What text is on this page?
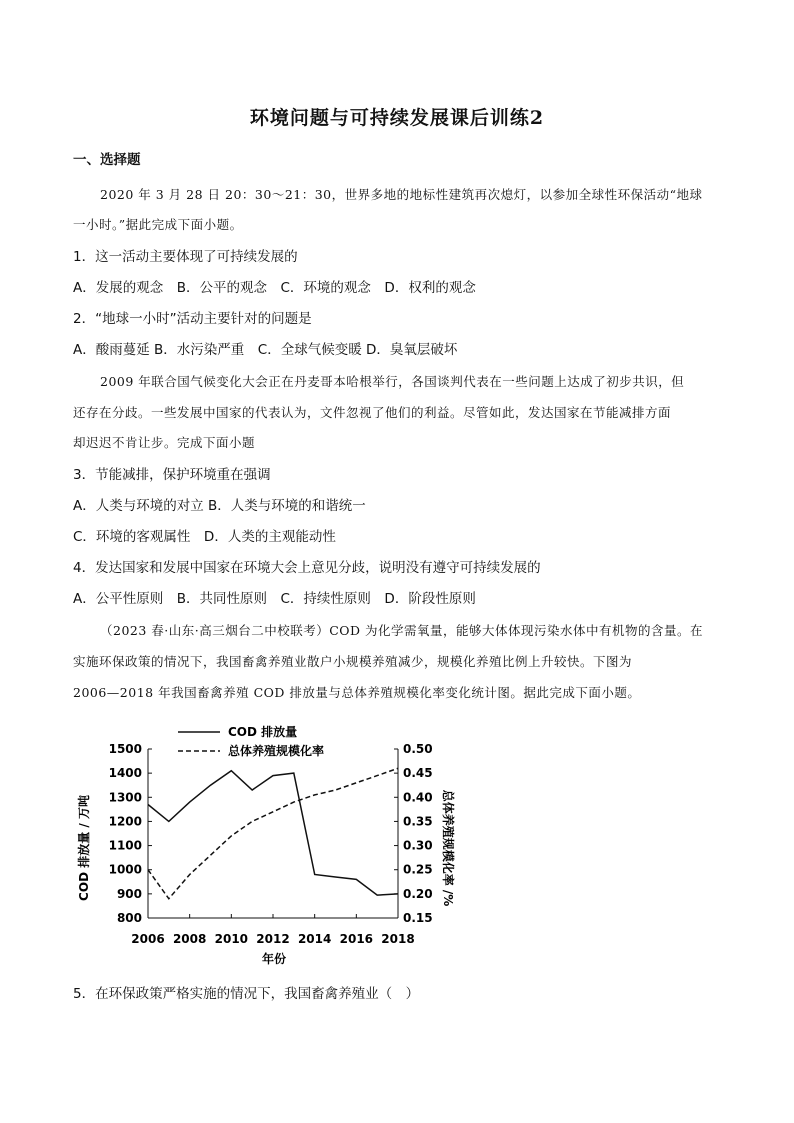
环境问题与可持续发展课后训练2
一、选择题
2020 年 3 月 28 日 20：30～21：30，世界多地的地标性建筑再次熄灯，以参加全球性环保活动“地球
一小时。”据此完成下面小题。
1．这一活动主要体现了可持续发展的
A．发展的观念　B．公平的观念　C．环境的观念　D．权利的观念
2．“地球一小时”活动主要针对的问题是
A．酸雨蔓延 B．水污染严重　C．全球气候变暖 D．臭氧层破坏
2009 年联合国气候变化大会正在丹麦哥本哈根举行，各国谈判代表在一些问题上达成了初步共识，但
还存在分歧。一些发展中国家的代表认为，文件忽视了他们的利益。尽管如此，发达国家在节能减排方面
却迟迟不肯让步。完成下面小题
3．节能减排，保护环境重在强调
A．人类与环境的对立 B．人类与环境的和谐统一
C．环境的客观属性　D．人类的主观能动性
4．发达国家和发展中国家在环境大会上意见分歧，说明没有遵守可持续发展的
A．公平性原则　B．共同性原则　C．持续性原则　D．阶段性原则
（2023 春·山东·高三烟台二中校联考）COD 为化学需氧量，能够大体体现污染水体中有机物的含量。在
实施环保政策的情况下，我国畜禽养殖业散户小规模养殖减少，规模化养殖比例上升较快。下图为
2006—2018 年我国畜禽养殖 COD 排放量与总体养殖规模化率变化统计图。据此完成下面小题。
COD 排放量
总体养殖规模化率
800
900
1000
1100
1200
1300
1400
1500
0.15
0.20
0.25
0.30
0.35
0.40
0.45
0.50
2006 2008 2010 2012 2014 2016 2018
年份
COD 排放量 / 万吨	总体养殖规模化率 /%
5．在环保政策严格实施的情况下，我国畜禽养殖业（　）
